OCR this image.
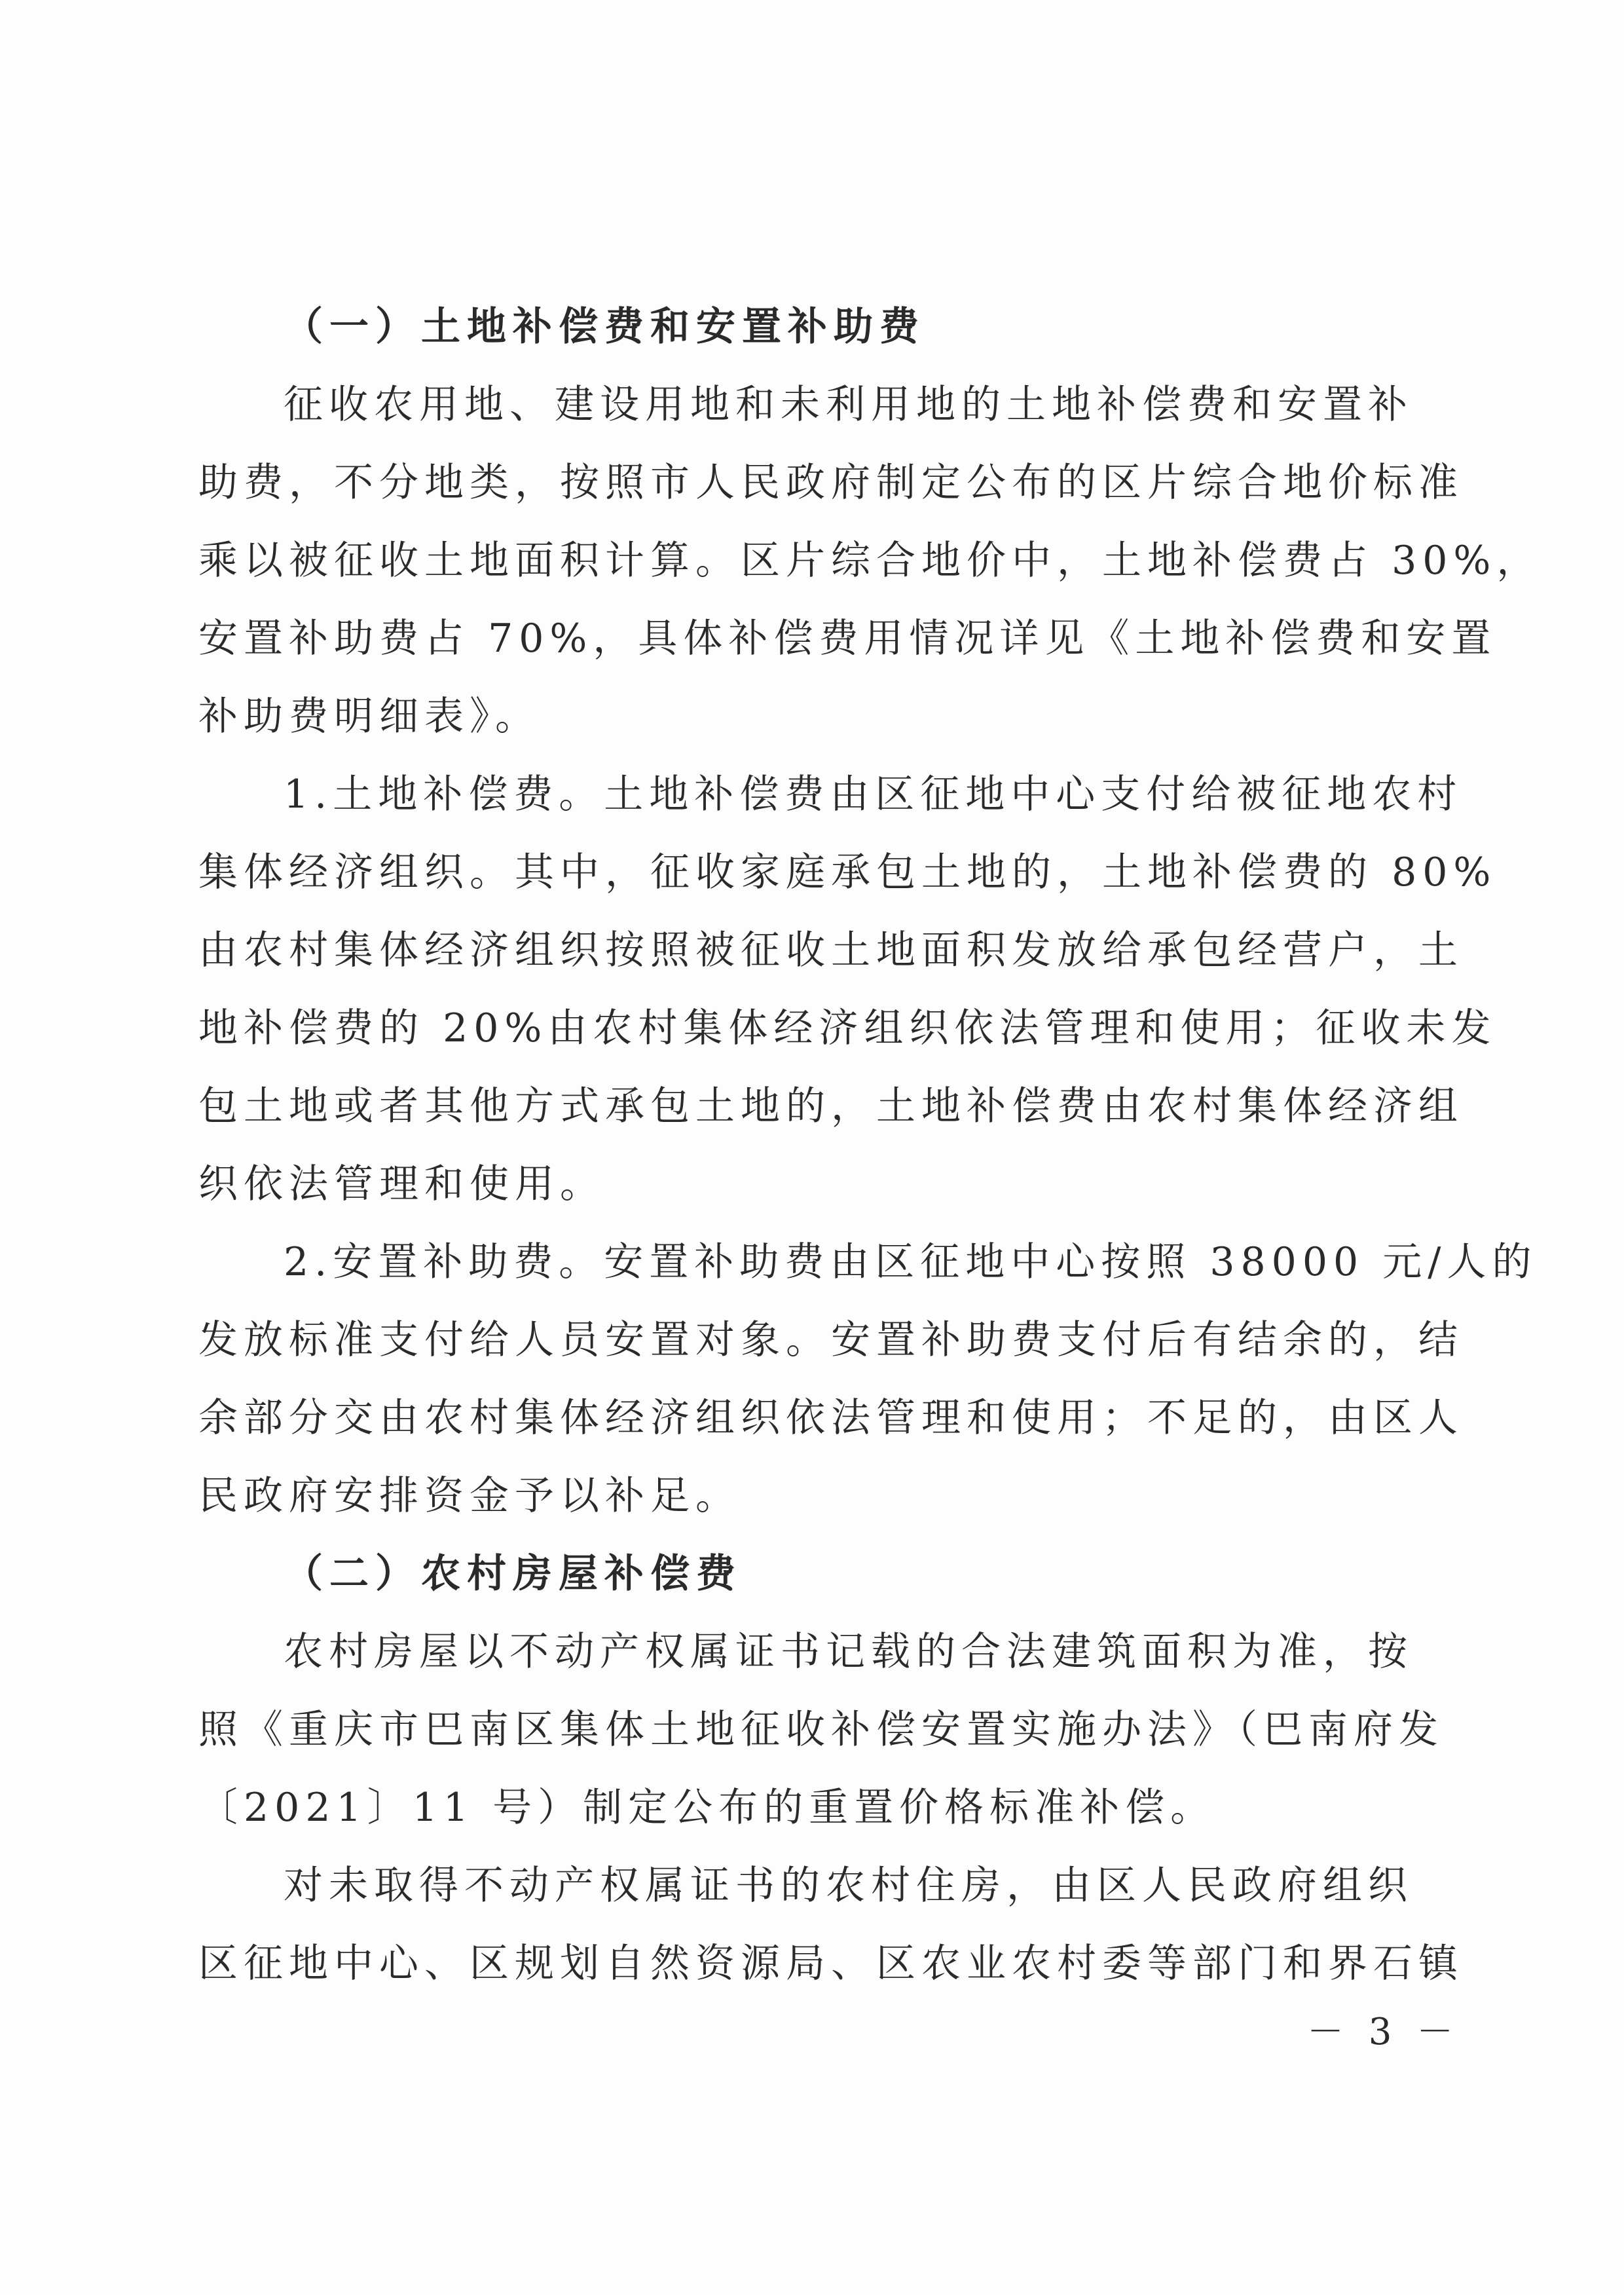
（一）土地补偿费和安置补助费
征收农用地、建设用地和未利用地的土地补偿费和安置补
助费，不分地类，按照市人民政府制定公布的区片综合地价标准
乘以被征收土地面积计算。区片综合地价中，土地补偿费占 30%，
安置补助费占 70%，具体补偿费用情况详见《土地补偿费和安置
补助费明细表》。
1.土地补偿费。土地补偿费由区征地中心支付给被征地农村
集体经济组织。其中，征收家庭承包土地的，土地补偿费的 80%
由农村集体经济组织按照被征收土地面积发放给承包经营户，土
地补偿费的 20%由农村集体经济组织依法管理和使用；征收未发
包土地或者其他方式承包土地的，土地补偿费由农村集体经济组
织依法管理和使用。
2.安置补助费。安置补助费由区征地中心按照 38000 元/人的
发放标准支付给人员安置对象。安置补助费支付后有结余的，结
余部分交由农村集体经济组织依法管理和使用；不足的，由区人
民政府安排资金予以补足。
（二）农村房屋补偿费
农村房屋以不动产权属证书记载的合法建筑面积为准，按
照《重庆市巴南区集体土地征收补偿安置实施办法》（巴南府发
〔2021〕11 号）制定公布的重置价格标准补偿。
对未取得不动产权属证书的农村住房，由区人民政府组织
区征地中心、区规划自然资源局、区农业农村委等部门和界石镇
－ 3 －
